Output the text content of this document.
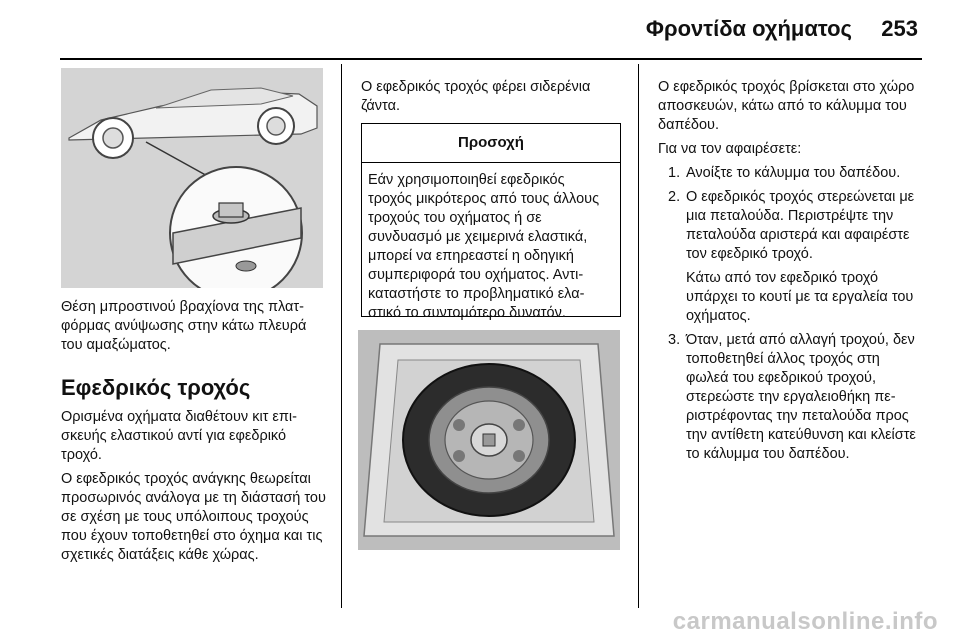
Φροντίδα οχήματος 253
Θέση μπροστινού βραχίονα της πλατφόρμας ανύψωσης στην κάτω πλευρά του αμαξώματος.
Εφεδρικός τροχός

Ορισμένα οχήματα διαθέτουν κιτ επισκευής ελαστικού αντί για εφεδρικό τροχό.

Ο εφεδρικός τροχός ανάγκης θεωρείται προσωρινός ανάλογα με τη διάστασή του σε σχέση με τους υπόλοιπους τροχούς που έχουν τοποθετηθεί στο όχημα και τις σχετικές διατάξεις κάθε χώρας.

Ο εφεδρικός τροχός φέρει σιδερένια ζάντα.
Προσοχή
Εάν χρησιμοποιηθεί εφεδρικός τροχός μικρότερος από τους άλλους τροχούς του οχήματος ή σε συνδυασμό με χειμερινά ελαστικά, μπορεί να επηρεαστεί η οδηγική συμπεριφορά του οχήματος. Αντικαταστήστε το προβληματικό ελαστικό το συντομότερο δυνατόν.

Ο εφεδρικός τροχός βρίσκεται στο χώρο αποσκευών, κάτω από το κάλυμμα του δαπέδου.

Για να τον αφαιρέσετε:

1. Ανοίξτε το κάλυμμα του δαπέδου.

2. Ο εφεδρικός τροχός στερεώνεται με μια πεταλούδα. Περιστρέψτε την πεταλούδα αριστερά και αφαιρέστε τον εφεδρικό τροχό.

Κάτω από τον εφεδρικό τροχό υπάρχει το κουτί με τα εργαλεία του οχήματος.

3. Όταν, μετά από αλλαγή τροχού, δεν τοποθετηθεί άλλος τροχός στη φωλεά του εφεδρικού τροχού, στερεώστε την εργαλειοθήκη περιστρέφοντας την πεταλούδα προς την αντίθετη κατεύθυνση και κλείστε το κάλυμμα του δαπέδου.

carmanualsonline.info
